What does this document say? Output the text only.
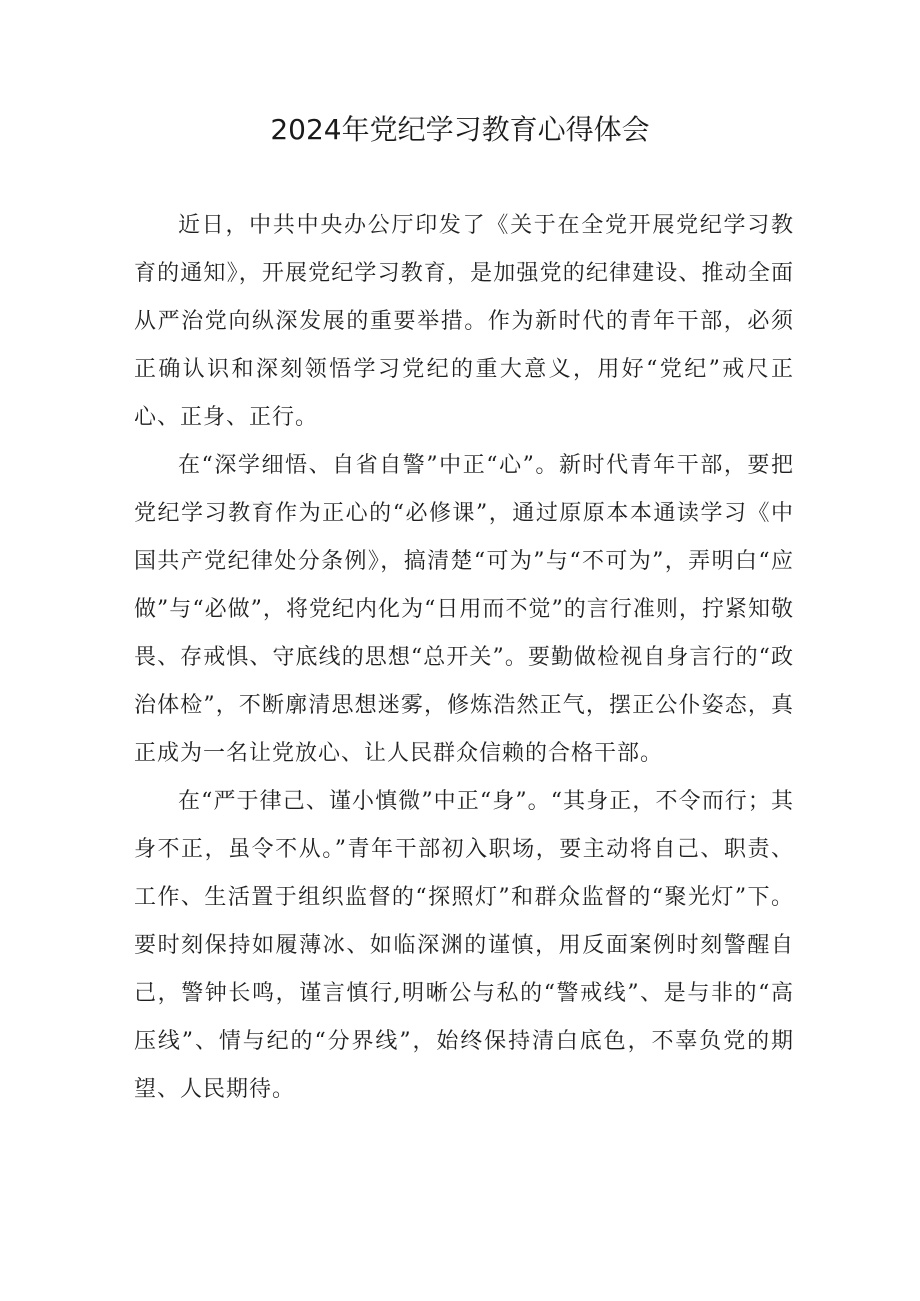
2024年党纪学习教育心得体会

近日，中共中央办公厅印发了《关于在全党开展党纪学习教育的通知》，开展党纪学习教育，是加强党的纪律建设、推动全面从严治党向纵深发展的重要举措。作为新时代的青年干部，必须正确认识和深刻领悟学习党纪的重大意义，用好“党纪”戒尺正心、正身、正行。

在“深学细悟、自省自警”中正“心”。新时代青年干部，要把党纪学习教育作为正心的“必修课”，通过原原本本通读学习《中国共产党纪律处分条例》，搞清楚“可为”与“不可为”，弄明白“应做”与“必做”，将党纪内化为“日用而不觉”的言行准则，拧紧知敬畏、存戒惧、守底线的思想“总开关”。要勤做检视自身言行的“政治体检”，不断廓清思想迷雾，修炼浩然正气，摆正公仆姿态，真正成为一名让党放心、让人民群众信赖的合格干部。

在“严于律己、谨小慎微”中正“身”。“其身正，不令而行；其身不正，虽令不从。”青年干部初入职场，要主动将自己、职责、工作、生活置于组织监督的“探照灯”和群众监督的“聚光灯”下。要时刻保持如履薄冰、如临深渊的谨慎，用反面案例时刻警醒自己，警钟长鸣，谨言慎行,明晰公与私的“警戒线”、是与非的“高压线”、情与纪的“分界线”，始终保持清白底色，不辜负党的期望、人民期待。
